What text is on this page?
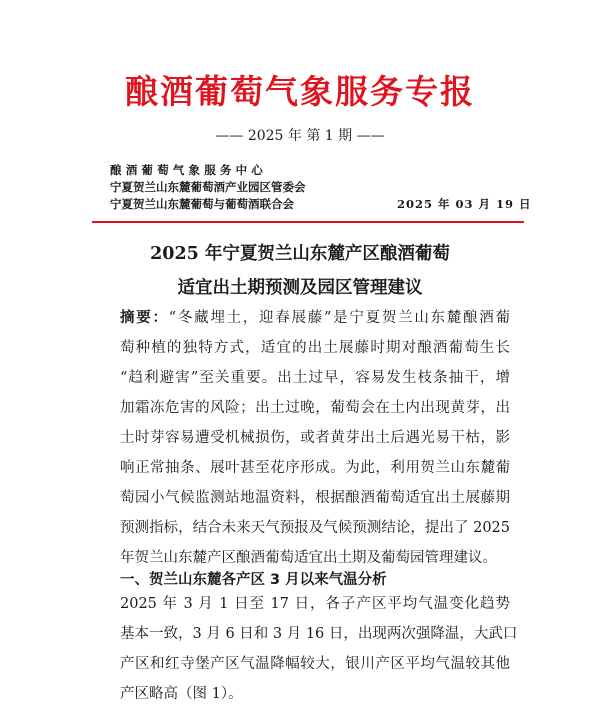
酿酒葡萄气象服务专报
—— 2025 年 第 1 期 ——
酿酒葡萄气象服务中心
宁夏贺兰山东麓葡萄酒产业园区管委会
宁夏贺兰山东麓葡萄与葡萄酒联合会	2025 年 03 月 19 日
2025 年宁夏贺兰山东麓产区酿酒葡萄
适宜出土期预测及园区管理建议
摘要：“冬藏埋土，迎春展藤”是宁夏贺兰山东麓酿酒葡
萄种植的独特方式，适宜的出土展藤时期对酿酒葡萄生长
“趋利避害”至关重要。出土过早，容易发生枝条抽干，增
加霜冻危害的风险；出土过晚，葡萄会在土内出现黄芽，出
土时芽容易遭受机械损伤，或者黄芽出土后遇光易干枯，影
响正常抽条、展叶甚至花序形成。为此，利用贺兰山东麓葡
萄园小气候监测站地温资料，根据酿酒葡萄适宜出土展藤期
预测指标，结合未来天气预报及气候预测结论，提出了 2025
年贺兰山东麓产区酿酒葡萄适宜出土期及葡萄园管理建议。
一、贺兰山东麓各产区 3 月以来气温分析
2025 年 3 月 1 日至 17 日，各子产区平均气温变化趋势
基本一致，3 月 6 日和 3 月 16 日，出现两次强降温，大武口
产区和红寺堡产区气温降幅较大，银川产区平均气温较其他
产区略高（图 1）。
